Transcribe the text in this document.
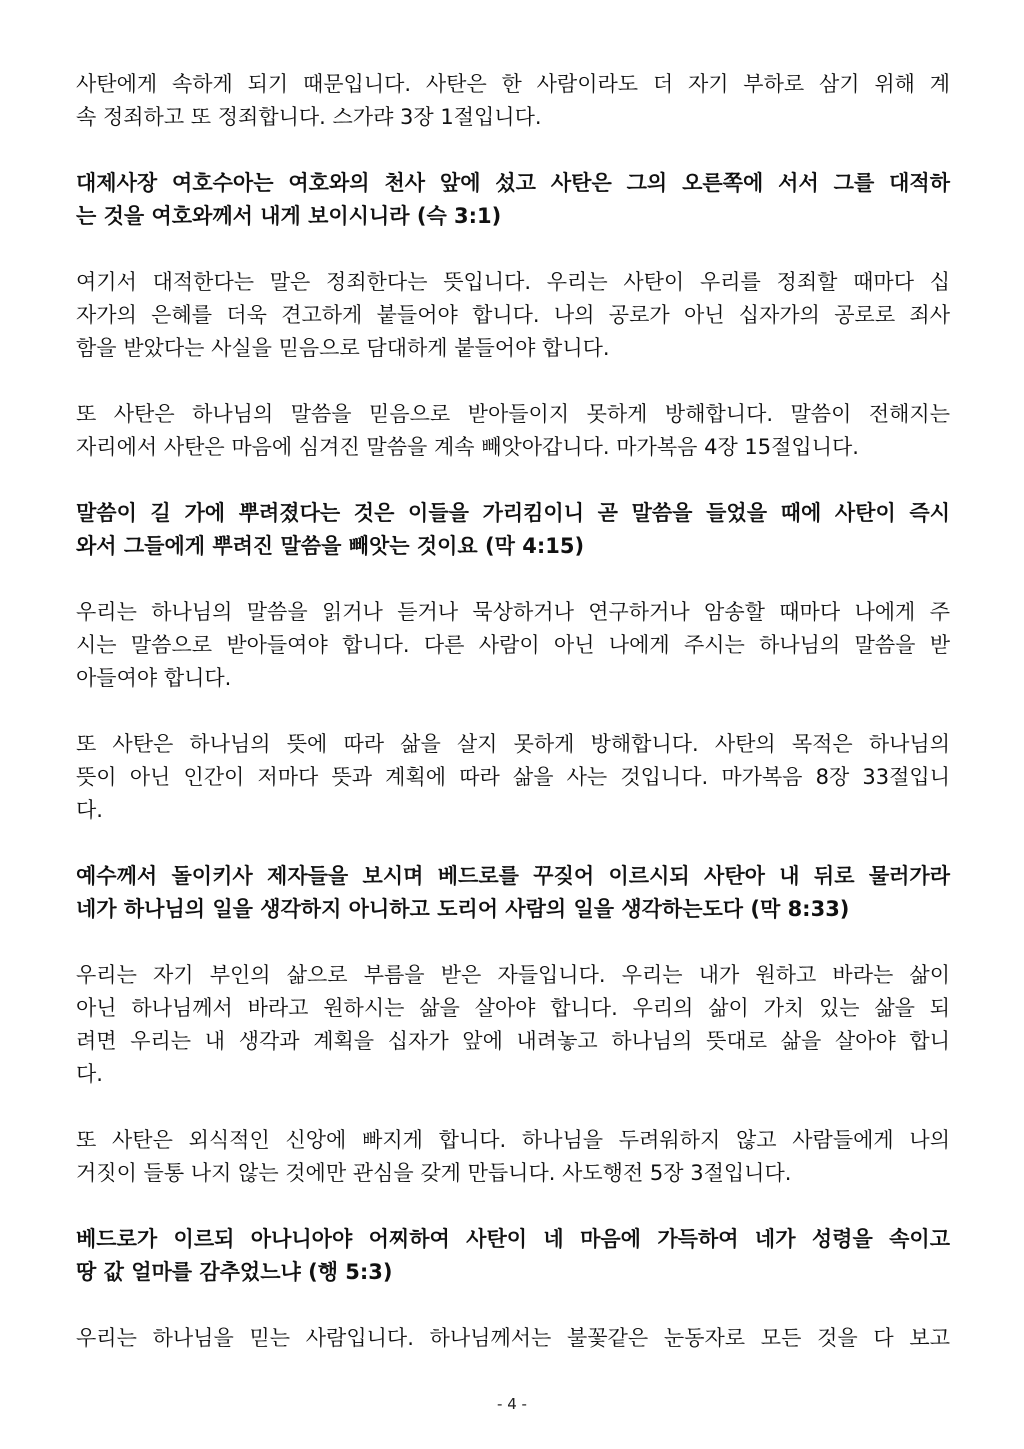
사탄에게 속하게 되기 때문입니다. 사탄은 한 사람이라도 더 자기 부하로 삼기 위해 계
속 정죄하고 또 정죄합니다. 스가랴 3장 1절입니다.
대제사장 여호수아는 여호와의 천사 앞에 섰고 사탄은 그의 오른쪽에 서서 그를 대적하
는 것을 여호와께서 내게 보이시니라 (슥 3:1)
여기서 대적한다는 말은 정죄한다는 뜻입니다. 우리는 사탄이 우리를 정죄할 때마다 십
자가의 은혜를 더욱 견고하게 붙들어야 합니다. 나의 공로가 아닌 십자가의 공로로 죄사
함을 받았다는 사실을 믿음으로 담대하게 붙들어야 합니다.
또 사탄은 하나님의 말씀을 믿음으로 받아들이지 못하게 방해합니다. 말씀이 전해지는
자리에서 사탄은 마음에 심겨진 말씀을 계속 빼앗아갑니다. 마가복음 4장 15절입니다.
말씀이 길 가에 뿌려졌다는 것은 이들을 가리킴이니 곧 말씀을 들었을 때에 사탄이 즉시
와서 그들에게 뿌려진 말씀을 빼앗는 것이요 (막 4:15)
우리는 하나님의 말씀을 읽거나 듣거나 묵상하거나 연구하거나 암송할 때마다 나에게 주
시는 말씀으로 받아들여야 합니다. 다른 사람이 아닌 나에게 주시는 하나님의 말씀을 받
아들여야 합니다.
또 사탄은 하나님의 뜻에 따라 삶을 살지 못하게 방해합니다. 사탄의 목적은 하나님의
뜻이 아닌 인간이 저마다 뜻과 계획에 따라 삶을 사는 것입니다. 마가복음 8장 33절입니
다.
예수께서 돌이키사 제자들을 보시며 베드로를 꾸짖어 이르시되 사탄아 내 뒤로 물러가라
네가 하나님의 일을 생각하지 아니하고 도리어 사람의 일을 생각하는도다 (막 8:33)
우리는 자기 부인의 삶으로 부름을 받은 자들입니다. 우리는 내가 원하고 바라는 삶이
아닌 하나님께서 바라고 원하시는 삶을 살아야 합니다. 우리의 삶이 가치 있는 삶을 되
려면 우리는 내 생각과 계획을 십자가 앞에 내려놓고 하나님의 뜻대로 삶을 살아야 합니
다.
또 사탄은 외식적인 신앙에 빠지게 합니다. 하나님을 두려워하지 않고 사람들에게 나의
거짓이 들통 나지 않는 것에만 관심을 갖게 만듭니다. 사도행전 5장 3절입니다.
베드로가 이르되 아나니아야 어찌하여 사탄이 네 마음에 가득하여 네가 성령을 속이고
땅 값 얼마를 감추었느냐 (행 5:3)
우리는 하나님을 믿는 사람입니다. 하나님께서는 불꽃같은 눈동자로 모든 것을 다 보고
- 4 -
